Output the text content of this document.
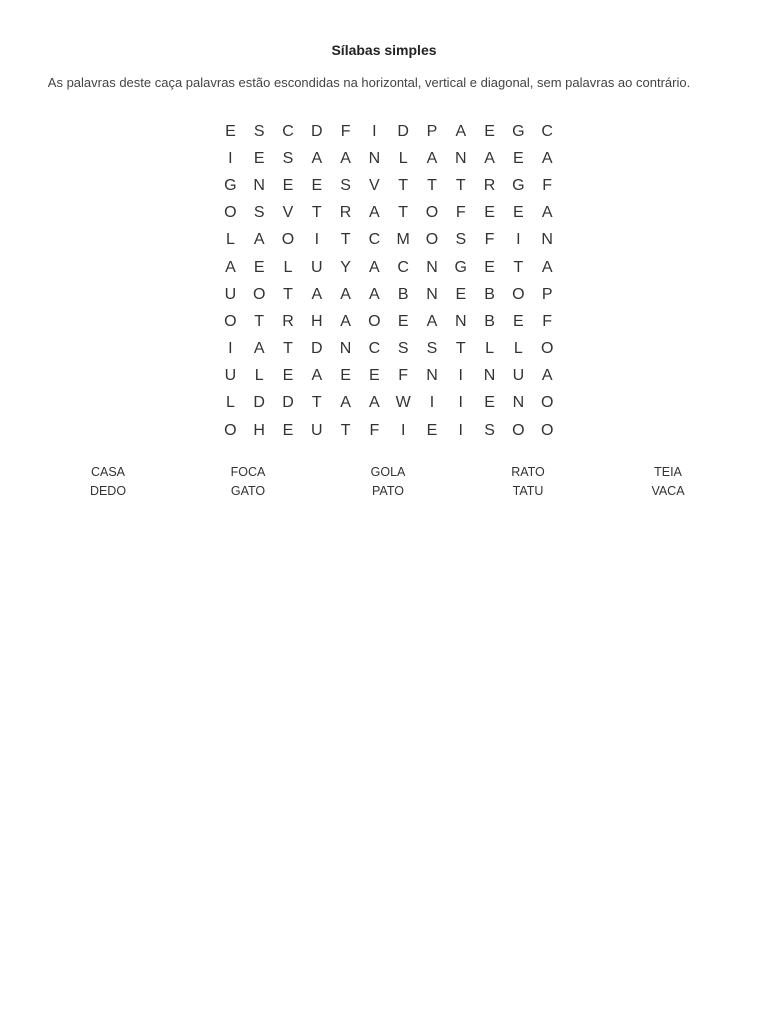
Sílabas simples

As palavras deste caça palavras estão escondidas na horizontal, vertical e diagonal, sem palavras ao contrário.

E	S	C	D	F	I	D	P	A	E	G	C
I	E	S	A	A	N	L	A	N	A	E	A
G	N	E	E	S	V	T	T	T	R	G	F
O	S	V	T	R	A	T	O	F	E	E	A
L	A	O	I	T	C	M O	S	F	I	N
A	E	L	U	Y	A	C	N	G	E	T	A
U	O	T	A	A	A	B	N	E	B	O	P
O	T	R	H	A	O	E	A	N	B	E	F
I	A	T	D	N	C	S	S	T	L	L	O
U	L	E	A	E	E	F	N	I	N	U	A
L	D	D	T	A	A W	I	I	E	N	O
O	H	E	U	T	F	I	E	I	S	O	O
CASA	FOCA	GOLA	RATO	TEIA
DEDO	GATO	PATO	TATU	VACA
